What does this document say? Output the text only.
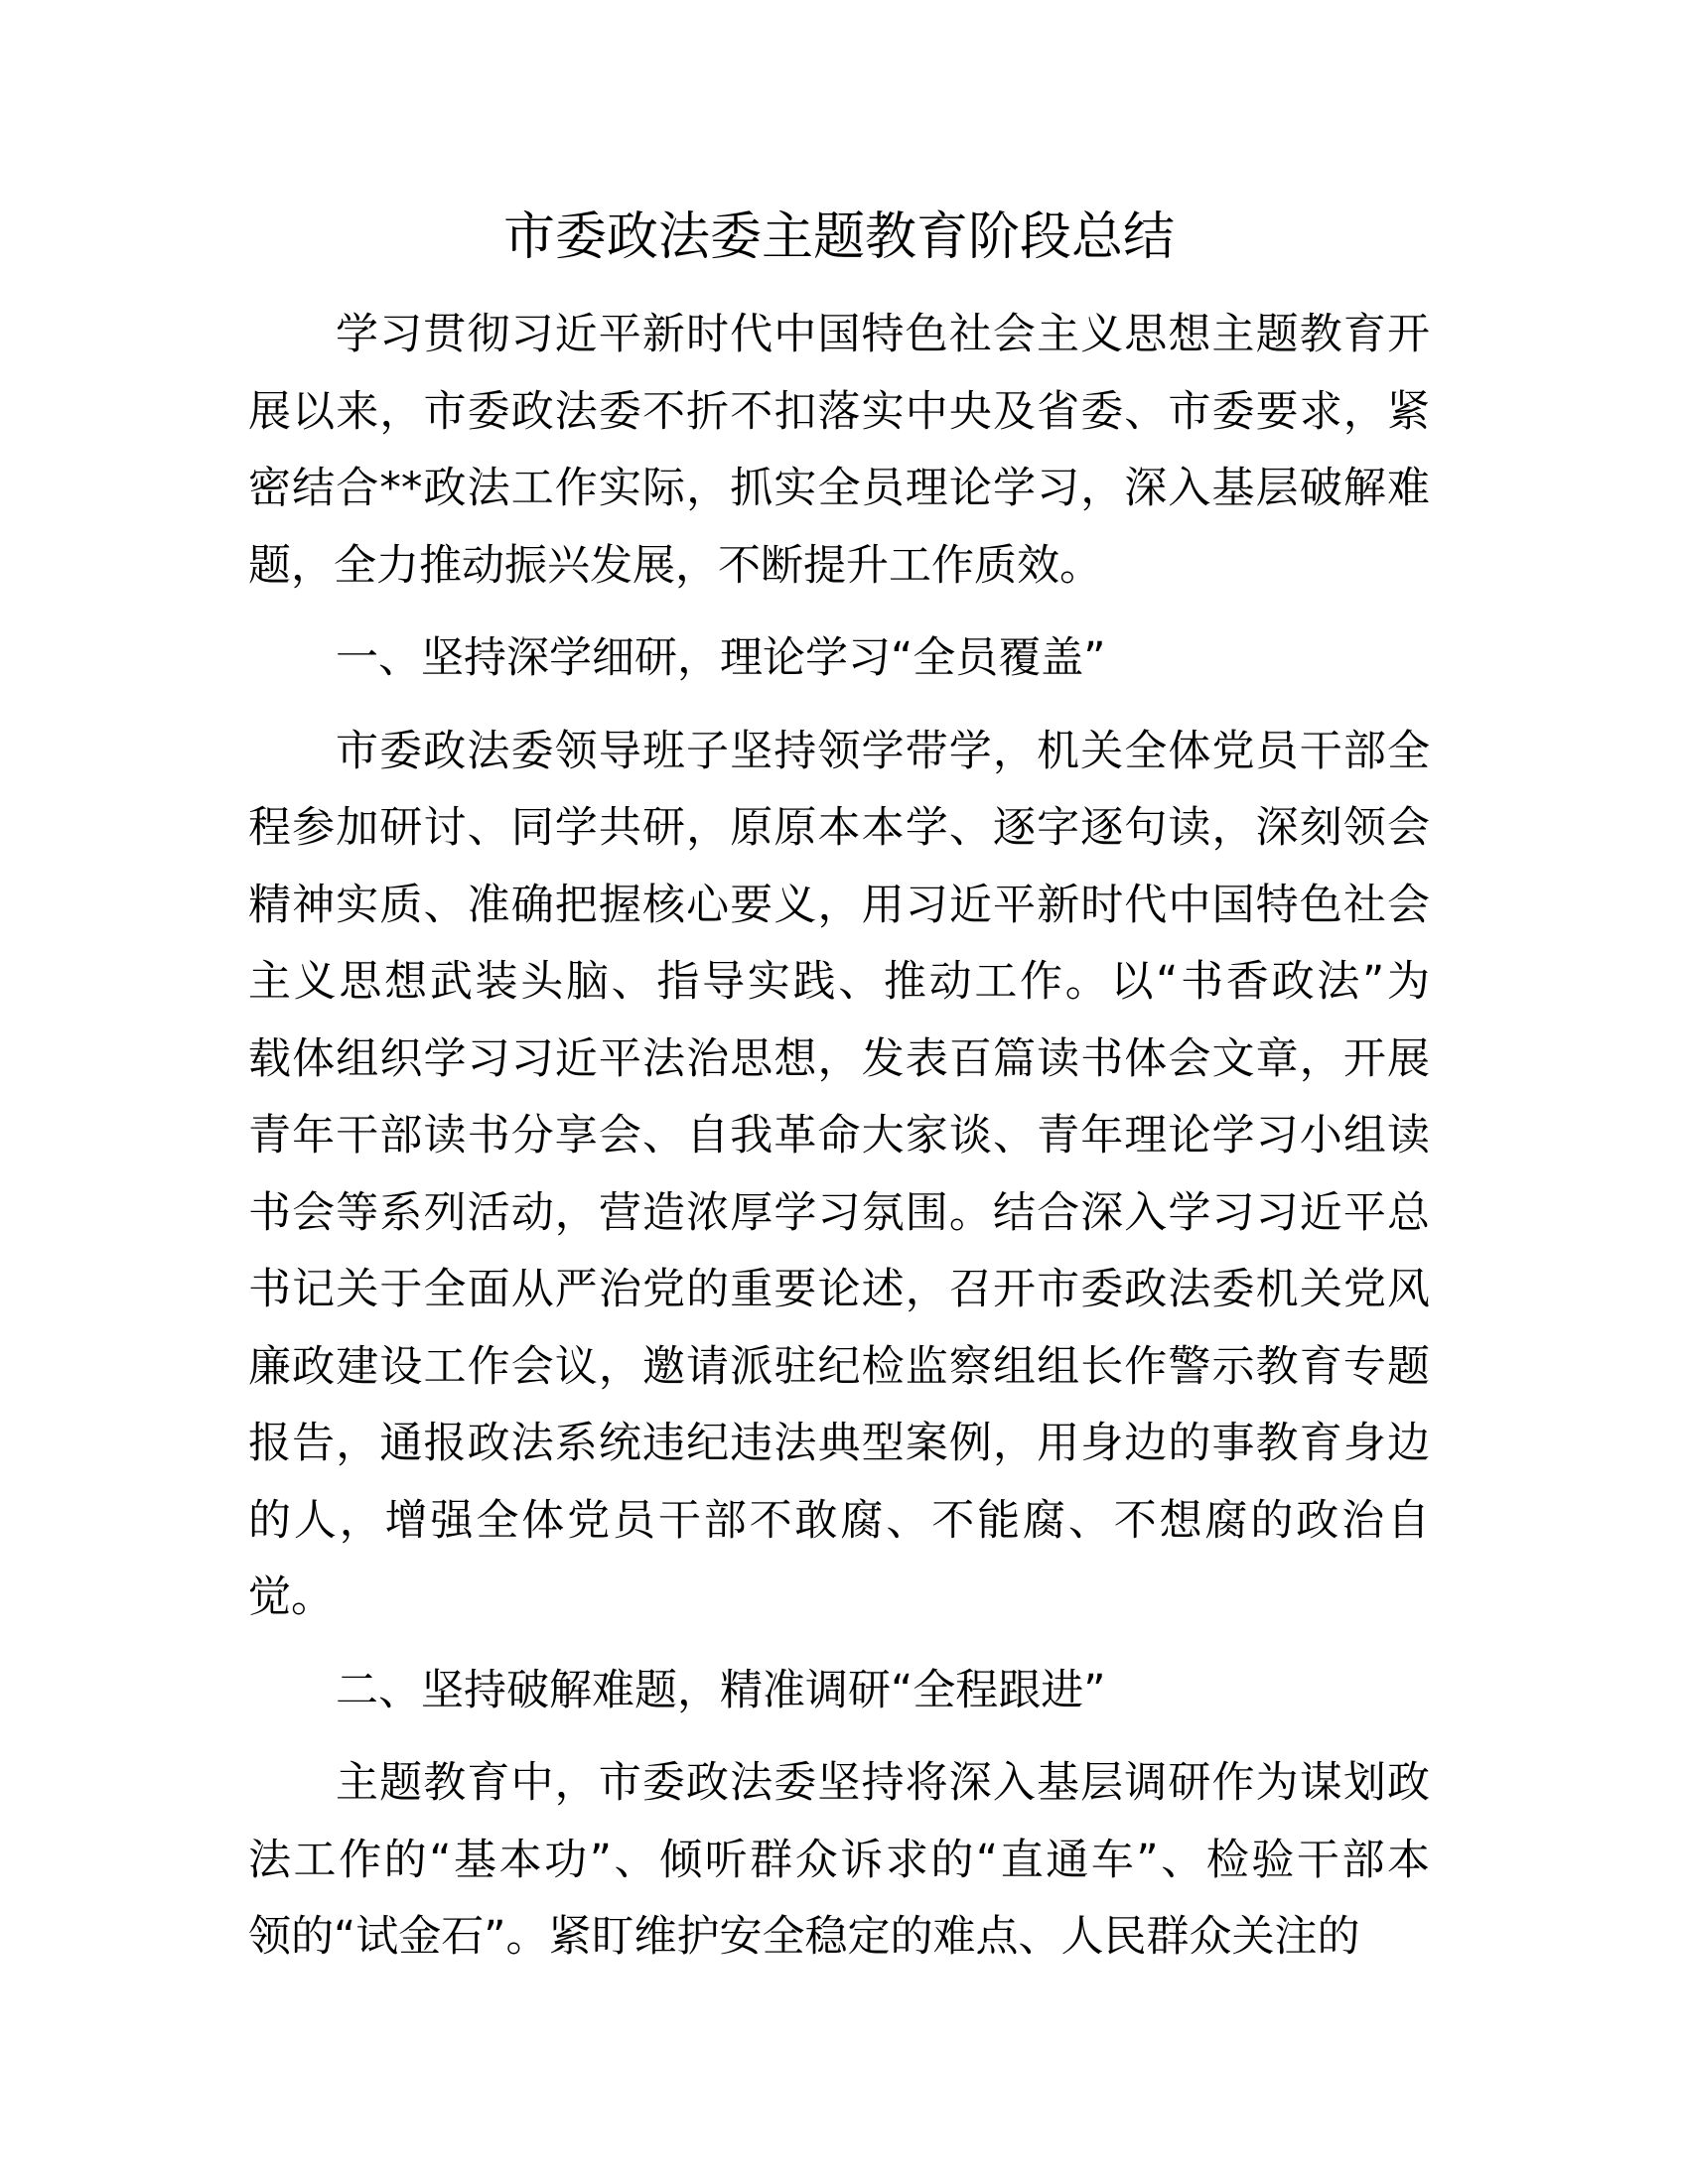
市委政法委主题教育阶段总结
学习贯彻习近平新时代中国特色社会主义思想主题教育开
展以来，市委政法委不折不扣落实中央及省委、市委要求，紧
密结合**政法工作实际，抓实全员理论学习，深入基层破解难
题，全力推动振兴发展，不断提升工作质效。
一、坚持深学细研，理论学习“全员覆盖”
市委政法委领导班子坚持领学带学，机关全体党员干部全
程参加研讨、同学共研，原原本本学、逐字逐句读，深刻领会
精神实质、准确把握核心要义，用习近平新时代中国特色社会
主义思想武装头脑、指导实践、推动工作。以“书香政法”为
载体组织学习习近平法治思想，发表百篇读书体会文章，开展
青年干部读书分享会、自我革命大家谈、青年理论学习小组读
书会等系列活动，营造浓厚学习氛围。结合深入学习习近平总
书记关于全面从严治党的重要论述，召开市委政法委机关党风
廉政建设工作会议，邀请派驻纪检监察组组长作警示教育专题
报告，通报政法系统违纪违法典型案例，用身边的事教育身边
的人，增强全体党员干部不敢腐、不能腐、不想腐的政治自
觉。
二、坚持破解难题，精准调研“全程跟进”
主题教育中，市委政法委坚持将深入基层调研作为谋划政
法工作的“基本功”、倾听群众诉求的“直通车”、检验干部本
领的“试金石”。紧盯维护安全稳定的难点、人民群众关注的
